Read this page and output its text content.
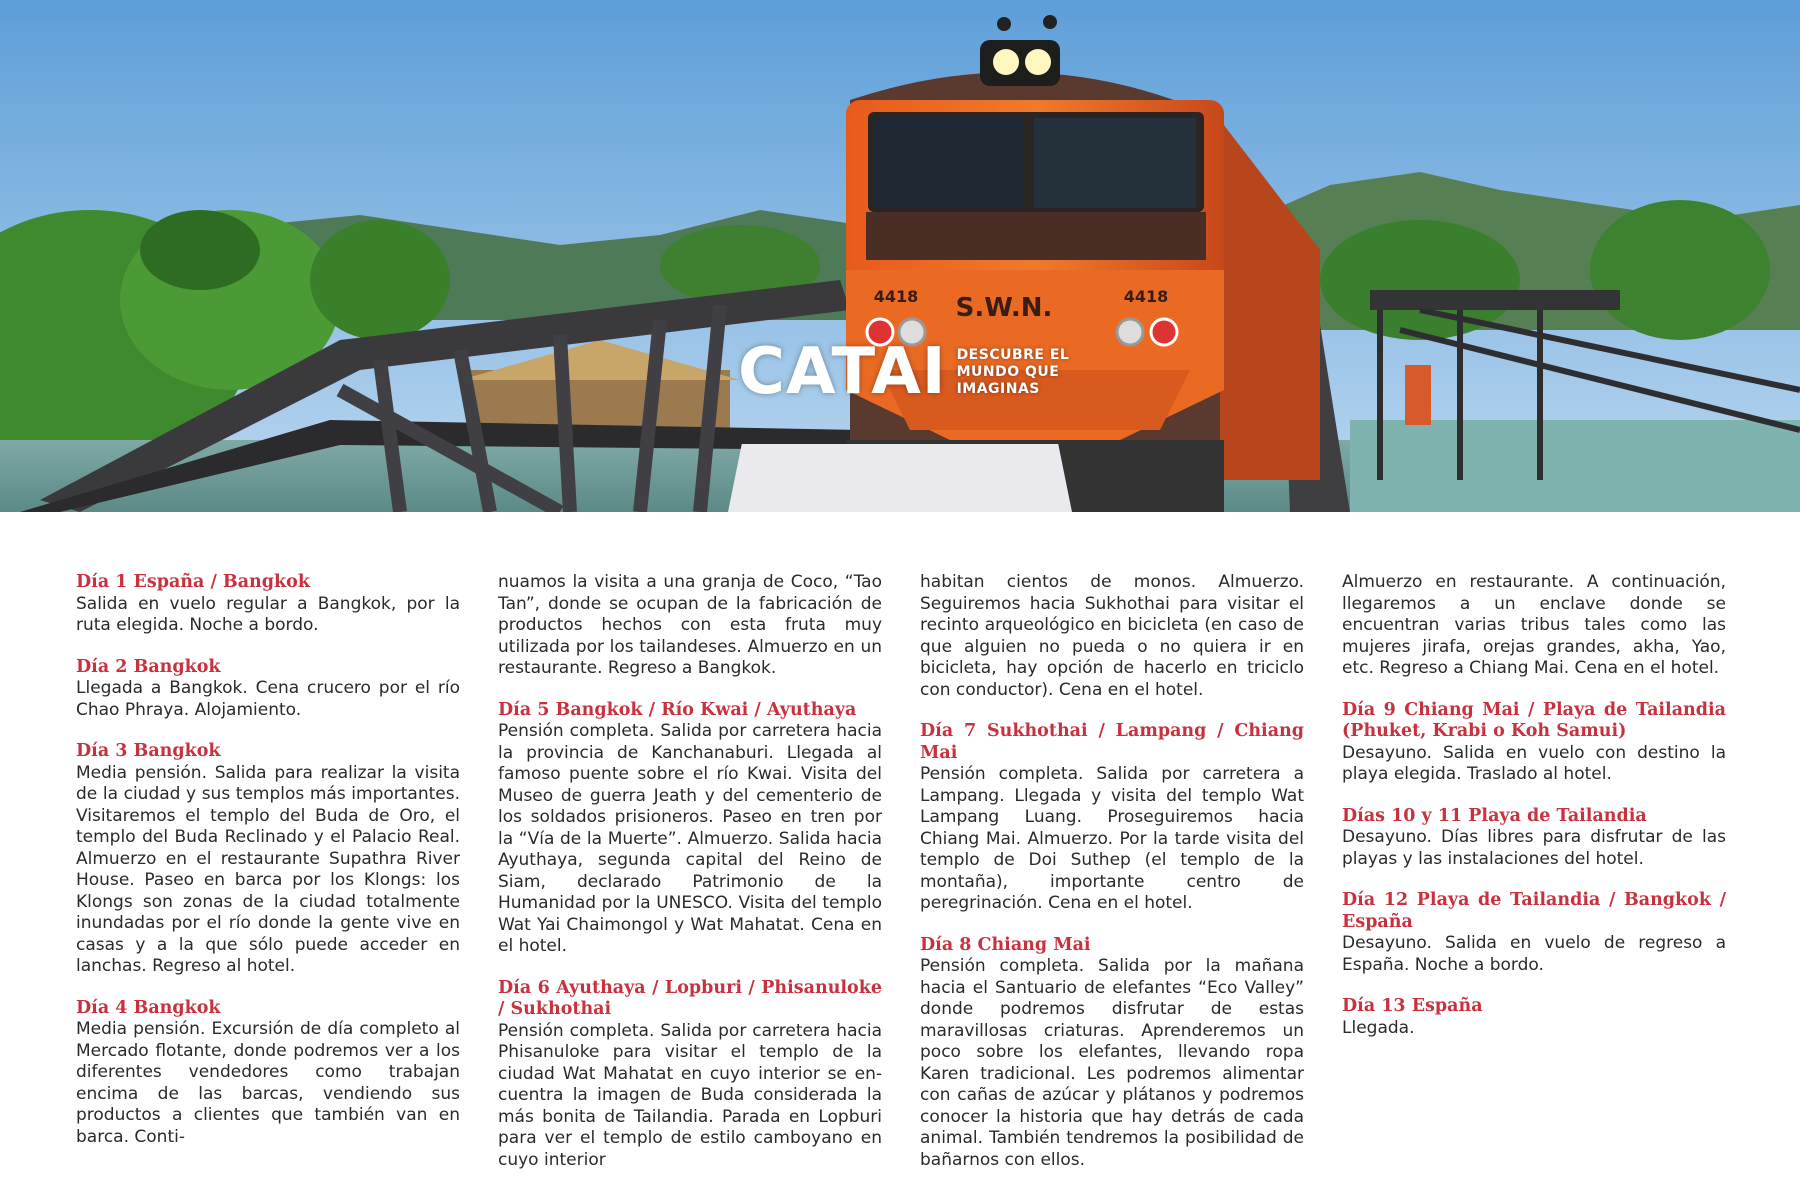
S.W.N.
4418	4418
CATAI DESCUBRE EL
MUNDO QUE
IMAGINAS

Día 1 España / Bangkok

Salida en vuelo regular a Bangkok, por la ruta elegida. Noche a bordo.

Día 2 Bangkok

Llegada a Bangkok. Cena crucero por el río Chao Phraya. Alojamiento.

Día 3 Bangkok

Media pensión. Salida para realizar la visita de la ciudad y sus templos más importantes. Visitaremos el templo del Buda de Oro, el templo del Buda Reclinado y el Palacio Real. Almuerzo en el restaurante Supathra River House. Paseo en barca por los Klongs: los Klongs son zonas de la ciudad totalmente inundadas por el río donde la gente vive en casas y a la que sólo puede acceder en lanchas. Regreso al hotel.

Día 4 Bangkok

Media pensión. Excursión de día completo al Mercado flotante, donde podremos ver a los diferentes vendedores como trabajan encima de las barcas, vendiendo sus productos a clientes que también van en barca. Conti-

nuamos la visita a una granja de Coco, “Tao Tan”, donde se ocupan de la fabricación de productos hechos con esta fruta muy utilizada por los tailandeses. Almuerzo en un restaurante. Regreso a Bangkok.

Día 5 Bangkok / Río Kwai / Ayuthaya

Pensión completa. Salida por carretera hacia la provincia de Kanchanaburi. Llegada al famoso puente sobre el río Kwai. Visita del Museo de guerra Jeath y del cementerio de los soldados prisioneros. Paseo en tren por la “Vía de la Muerte”. Almuerzo. Salida hacia Ayuthaya, segunda capital del Reino de Siam, declarado Patrimonio de la Humanidad por la UNESCO. Visita del templo Wat Yai Chaimongol y Wat Mahatat. Cena en el hotel.

Día 6 Ayuthaya / Lopburi / Phisanuloke / Sukhothai

Pensión completa. Salida por carretera hacia Phisanuloke para visitar el templo de la ciudad Wat Mahatat en cuyo interior se en-cuentra la imagen de Buda considerada la más bonita de Tailandia. Parada en Lopburi para ver el templo de estilo camboyano en cuyo interior

habitan cientos de monos. Almuerzo. Seguiremos hacia Sukhothai para visitar el recinto arqueológico en bicicleta (en caso de que alguien no pueda o no quiera ir en bicicleta, hay opción de hacerlo en triciclo con conductor). Cena en el hotel.

Día 7 Sukhothai / Lampang / Chiang Mai

Pensión completa. Salida por carretera a Lampang. Llegada y visita del templo Wat Lampang Luang. Proseguiremos hacia Chiang Mai. Almuerzo. Por la tarde visita del templo de Doi Suthep (el templo de la montaña), importante centro de peregrinación. Cena en el hotel.

Día 8 Chiang Mai

Pensión completa. Salida por la mañana hacia el Santuario de elefantes “Eco Valley” donde podremos disfrutar de estas maravillosas criaturas. Aprenderemos un poco sobre los elefantes, llevando ropa Karen tradicional. Les podremos alimentar con cañas de azúcar y plátanos y podremos conocer la historia que hay detrás de cada animal. También tendremos la posibilidad de bañarnos con ellos.

Almuerzo en restaurante. A continuación, llegaremos a un enclave donde se encuentran varias tribus tales como las mujeres jirafa, orejas grandes, akha, Yao, etc. Regreso a Chiang Mai. Cena en el hotel.

Día 9 Chiang Mai / Playa de Tailandia (Phuket, Krabi o Koh Samui)

Desayuno. Salida en vuelo con destino la playa elegida. Traslado al hotel.

Días 10 y 11 Playa de Tailandia

Desayuno. Días libres para disfrutar de las playas y las instalaciones del hotel.

Día 12 Playa de Tailandia / Bangkok / España

Desayuno. Salida en vuelo de regreso a España. Noche a bordo.

Día 13 España

Llegada.
